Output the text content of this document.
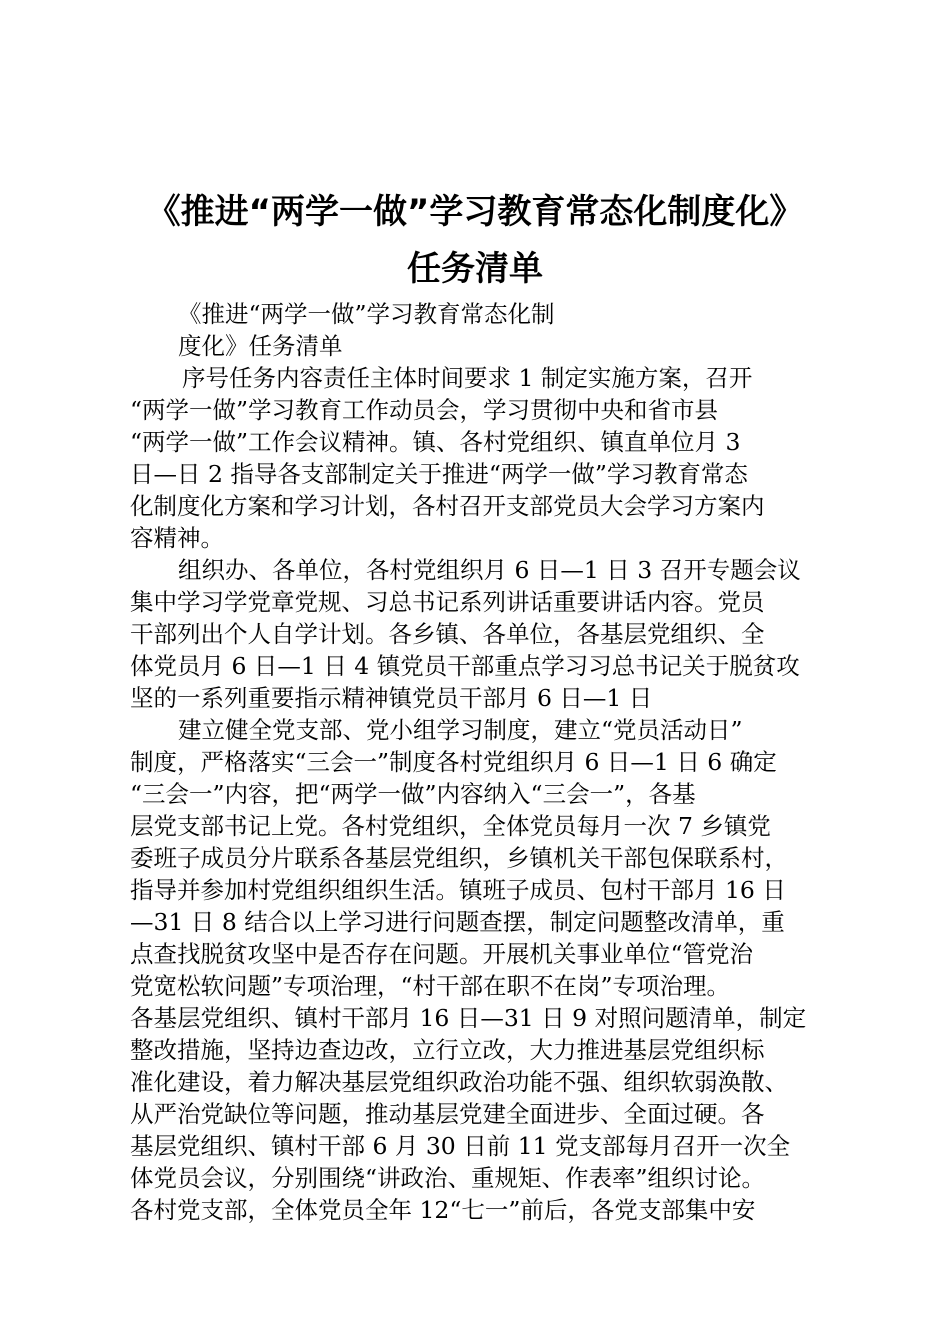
《推进“两学一做”学习教育常态化制度化》
任务清单
《推进“两学一做”学习教育常态化制
度化》任务清单
序号任务内容责任主体时间要求 1 制定实施方案，召开
“两学一做”学习教育工作动员会，学习贯彻中央和省市县
“两学一做”工作会议精神。镇、各村党组织、镇直单位月 3
日—日 2 指导各支部制定关于推进“两学一做”学习教育常态
化制度化方案和学习计划，各村召开支部党员大会学习方案内
容精神。
组织办、各单位，各村党组织月 6 日—1 日 3 召开专题会议
集中学习学党章党规、习总书记系列讲话重要讲话内容。党员
干部列出个人自学计划。各乡镇、各单位，各基层党组织、全
体党员月 6 日—1 日 4 镇党员干部重点学习习总书记关于脱贫攻
坚的一系列重要指示精神镇党员干部月 6 日—1 日
建立健全党支部、党小组学习制度，建立“党员活动日”
制度，严格落实“三会一”制度各村党组织月 6 日—1 日 6 确定
“三会一”内容，把“两学一做”内容纳入“三会一”，各基
层党支部书记上党。各村党组织，全体党员每月一次 7 乡镇党
委班子成员分片联系各基层党组织，乡镇机关干部包保联系村，
指导并参加村党组织组织生活。镇班子成员、包村干部月 16 日
—31 日 8 结合以上学习进行问题查摆，制定问题整改清单，重
点查找脱贫攻坚中是否存在问题。开展机关事业单位“管党治
党宽松软问题”专项治理，“村干部在职不在岗”专项治理。
各基层党组织、镇村干部月 16 日—31 日 9 对照问题清单，制定
整改措施，坚持边查边改，立行立改，大力推进基层党组织标
准化建设，着力解决基层党组织政治功能不强、组织软弱涣散、
从严治党缺位等问题，推动基层党建全面进步、全面过硬。各
基层党组织、镇村干部 6 月 30 日前 11 党支部每月召开一次全
体党员会议，分别围绕“讲政治、重规矩、作表率”组织讨论。
各村党支部，全体党员全年 12“七一”前后，各党支部集中安
